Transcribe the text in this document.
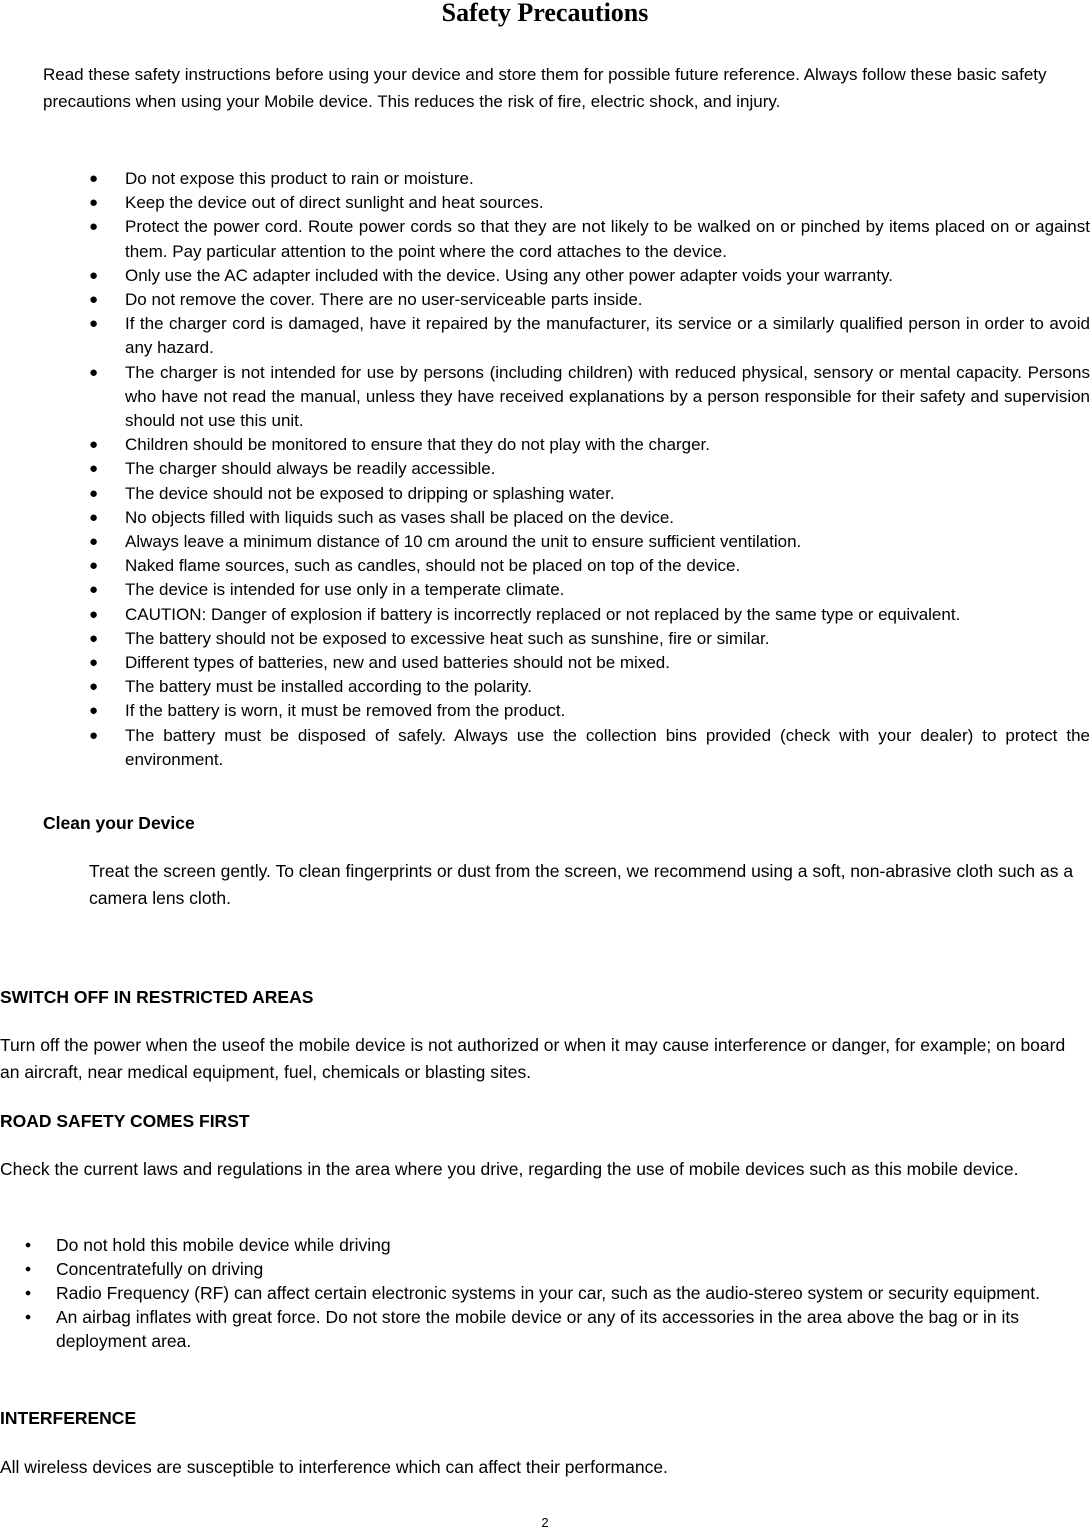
Safety Precautions
Read these safety instructions before using your device and store them for possible future reference. Always follow these basic safety precautions when using your Mobile device. This reduces the risk of fire, electric shock, and injury.
● Do not expose this product to rain or moisture.
● Keep the device out of direct sunlight and heat sources.
● Protect the power cord. Route power cords so that they are not likely to be walked on or pinched by items placed on or against them. Pay particular attention to the point where the cord attaches to the device.
● Only use the AC adapter included with the device. Using any other power adapter voids your warranty.
● Do not remove the cover. There are no user-serviceable parts inside.
● If the charger cord is damaged, have it repaired by the manufacturer, its service or a similarly qualified person in order to avoid any hazard.
● The charger is not intended for use by persons (including children) with reduced physical, sensory or mental capacity. Persons who have not read the manual, unless they have received explanations by a person responsible for their safety and supervision should not use this unit.
● Children should be monitored to ensure that they do not play with the charger.
● The charger should always be readily accessible.
● The device should not be exposed to dripping or splashing water.
● No objects filled with liquids such as vases shall be placed on the device.
● Always leave a minimum distance of 10 cm around the unit to ensure sufficient ventilation.
● Naked flame sources, such as candles, should not be placed on top of the device.
● The device is intended for use only in a temperate climate.
● CAUTION: Danger of explosion if battery is incorrectly replaced or not replaced by the same type or equivalent.
● The battery should not be exposed to excessive heat such as sunshine, fire or similar.
● Different types of batteries, new and used batteries should not be mixed.
● The battery must be installed according to the polarity.
● If the battery is worn, it must be removed from the product.
● The battery must be disposed of safely. Always use the collection bins provided (check with your dealer) to protect the environment.
Clean your Device
Treat the screen gently. To clean fingerprints or dust from the screen, we recommend using a soft, non-abrasive cloth such as a camera lens cloth.
SWITCH OFF IN RESTRICTED AREAS
Turn off the power when the useof the mobile device is not authorized or when it may cause interference or danger, for example; on board an aircraft, near medical equipment, fuel, chemicals or blasting sites.
ROAD SAFETY COMES FIRST
Check the current laws and regulations in the area where you drive, regarding the use of mobile devices such as this mobile device.
• Do not hold this mobile device while driving
• Concentratefully on driving
• Radio Frequency (RF) can affect certain electronic systems in your car, such as the audio-stereo system or security equipment.
• An airbag inflates with great force. Do not store the mobile device or any of its accessories in the area above the bag or in its deployment area.
INTERFERENCE
All wireless devices are susceptible to interference which can affect their performance.
2
